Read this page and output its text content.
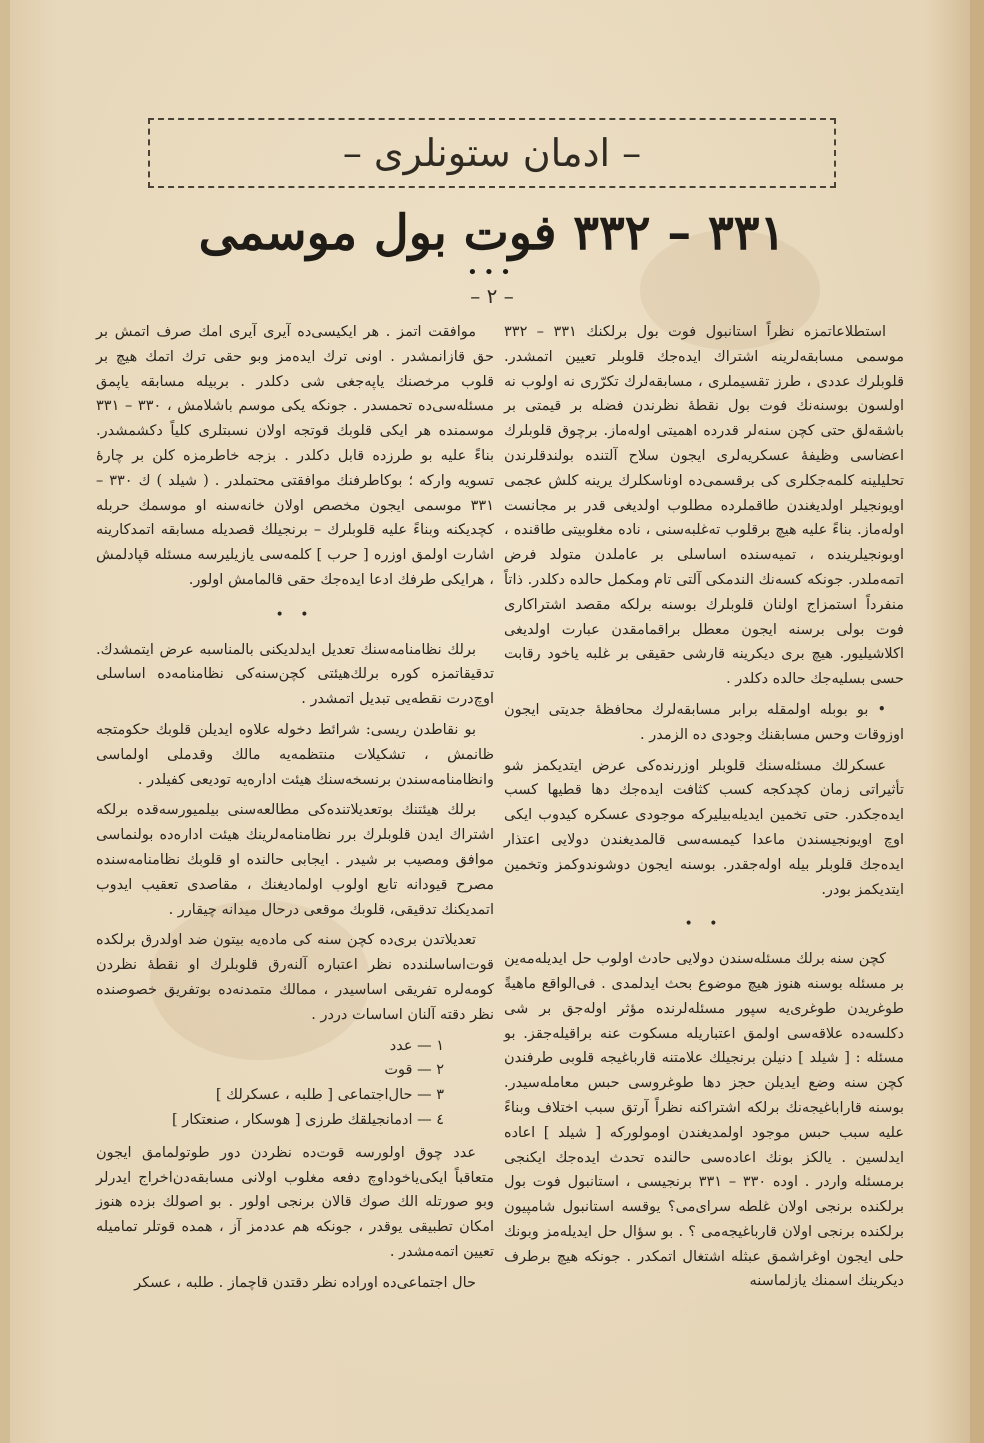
– ادمان ستونلری –
۳۳۱ – ۳۳۲ فوت بول موسمی
•••
– ۲ –

استطلاعاتمزه نظراً استانبول فوت بول برلکنك ۳۳۱ – ۳۳۲ موسمی مسابقه‌لرینه اشتراك ایده‌جك قلوبلر تعیین اتمشدر. قلوبلرك عددی ، طرز تقسیملری ، مسابقه‌لرك تكرّری نه اولوب نه اولسون بوسنه‌نك فوت بول نقطهٔ نظرندن فضله بر قیمتی بر باشقه‌لق حتی كچن سنه‌لر قدرده اهمیتی اوله‌ماز. برچوق قلوبلرك اعضاسی وظیفهٔ عسكریه‌لری ایجون سلاح آلتنده بولندقلرندن تحلیلینه كلمه‌جكلری كی برقسمی‌ده اوناسكلرك یرینه كلش عجمی اویونجیلر اولدیغندن طاقملرده مطلوب اولدیغی قدر بر مجانست اوله‌ماز. بناءً علیه هیچ برقلوب ته‌غلبه‌سنی ، ناده مغلوبیتی طاقنده ، اوبونجیلرینده ، تمیه‌سنده اساسلی بر عاملدن متولد فرض اتمه‌ملدر. جونكه كسه‌نك الندمكی آلتی تام ومكمل حالده دكلدر. ذاتاً منفرداً استمزاج اولنان قلوبلرك بوسنه برلكه مقصد اشتراكاری فوت بولی برسنه ایجون معطل براقمامقدن عبارت اولدیغی اكلاشیلیور. هیچ بری دیكرینه قارشی حقیقی بر غلبه یاخود رقابت حسی بسلیه‌جك حالده دكلدر .

• بو بوبله اولمقله برابر مسابقه‌لرك محافظهٔ جدیتی ایجون اوزوقات وحس مسابقنك وجودی ده الزمدر .

عسكرلك مسئله‌سنك قلوبلر اوزرنده‌كی عرض ایتدیكمز شو تأثیراتی زمان كچدكجه كسب كثافت ایده‌جك دها قطیها كسب ایده‌جكدر. حتی تخمین ایدیله‌بیلیركه موجودی عسكره كیدوب ایكی اوچ اویونجیسندن ماعدا كیمسه‌سی قالمدیغندن دولایی اعتذار ایده‌جك قلوبلر بیله اوله‌جقدر. بوسنه ایجون دوشوندوكمز وتخمین ایتدیكمز بودر.

• •

كچن سنه برلك مسئله‌سندن دولایی حادث اولوب حل ایدیله‌مه‌ین بر مسئله بوسنه هنوز هیچ موضوع بحث ایدلمدی . فی‌الواقع ماهیةً طوغریدن طوغری‌یه سپور مسئله‌لرنده مؤثر اوله‌جق بر شی دكلسه‌ده علاقه‌سی اولمق اعتباریله مسكوت عنه براقیله‌جقز. بو مسئله : [ شیلد ] دنیلن برنجیلك علامتنه قارباغیجه قلوبی طرفندن كچن سنه وضع ایدیلن حجز دها طوغروسی حبس معامله‌سیدر. بوسنه قاراباغیجه‌نك برلكه اشتراكنه نظراً آرتق سبب اختلاف وبناءً علیه سبب حبس موجود اولمدیغندن اومولوركه [ شیلد ] اعاده ایدلسین . یالكز بونك اعاده‌سی حالنده تحدث ایده‌جك ایكنجی برمسئله واردر . اوده ۳۳۰ – ۳۳۱ برنجیسی ، استانبول فوت بول برلكنده برنجی اولان غلطه سرای‌می؟ یوقسه استانبول شامپیون برلكنده برنجی اولان قارباغیجه‌می ؟ . بو سؤال حل ایدیله‌مز وبونك حلی ایجون اوغراشمق عبثله اشتغال اتمكدر . جونكه هیچ برطرف دیكرینك اسمنك یازلماسنه

موافقت اتمز . هر ایكیسی‌ده آیری آیری امك صرف اتمش بر حق قازانمشدر . اونی ترك ایده‌مز وبو حقی ترك اتمك هیچ بر قلوب مرخصنك یاپه‌جغی شی دكلدر . بربیله مسابقه یاپمق مسئله‌سی‌ده تحمسدر . جونكه یكی موسم باشلامش ، ۳۳۰ – ۳۳۱ موسمنده هر ایكی قلوبك قوتجه اولان نسبتلری كلیاً دكشمشدر. بناءً علیه بو طرزده قابل دكلدر . بزجه خاطرمزه كلن بر چارهٔ تسویه واركه ؛ بوكاطرفنك موافقتی محتملدر . ( شیلد ) ك ۳۳۰ – ۳۳۱ موسمی ایجون مخصص اولان خانه‌سنه او موسمك حربله كچدیكنه وبناءً علیه قلوبلرك – برنجیلك قصدیله مسابقه اتمدكارینه اشارت اولمق اوزره [ حرب ] كلمه‌سی یازیلیرسه مسئله قپادلمش ، هرایكی طرفك ادعا ایده‌جك حقی قالمامش اولور.

• •

برلك نظامنامه‌سنك تعدیل ایدلدیكنی بالمناسبه عرض ایتمشدك. تدقیقاتمزه كوره برلك‌هیئتی كچن‌سنه‌كی نظامنامه‌ده اساسلی اوچ‌درت نقطه‌یی تبدیل اتمشدر .

بو نقاطدن ریسی: شرائط دخوله علاوه ایدیلن قلوبك حكومتجه ظانمش ، تشكیلات منتظمه‌یه مالك وقدملی اولماسی وانظامنامه‌سندن برنسخه‌سنك هیئت اداره‌یه تودیعی كفیلدر .

برلك هیئتنك بوتعدیلاتنده‌كی مطالعه‌سنی بیلمیورسه‌قده برلكه اشتراك ایدن قلوبلرك برر نظامنامه‌لرینك هیئت اداره‌ده بولنماسی موافق ومصیب بر شیدر . ایجابی حالنده او قلوبك نظامنامه‌سنده مصرح قیودانه تابع اولوب اولمادیغنك ، مقاصدی تعقیب ایدوب اتمدیكنك تدقیقی، قلوبك موقعی درحال میدانه چیقارر .

تعدیلاتدن بری‌ده كچن سنه كی ماده‌یه بیتون ضد اولدرق برلكده قوت‌اساسلندده نظر اعتباره آلنه‌رق قلوبلرك او نقطهٔ نظردن كومه‌لره تفریقی اساسیدر ، ممالك متمدنه‌ده بوتفریق خصوصنده نظر دقته آلنان اساسات دردر .

١ — عدد
٢ — قوت
٣ — حال‌اجتماعی [ طلبه ، عسكرلك ]
٤ — ادمانجیلقك طرزی [ هوسكار ، صنعتكار ]

عدد چوق اولورسه قوت‌ده نظردن دور طوتولمامق ایجون متعاقباً ایكی‌یاخوداوچ دفعه مغلوب اولانی مسابقه‌دن‌اخراج ایدرلر وبو صورتله الك صوك قالان برنجی اولور . بو اصولك بزده هنوز امكان تطبیقی یوقدر ، جونكه هم عددمز آز ، همده قوتلر تمامیله تعیین اتمه‌مشدر .

حال اجتماعی‌ده اوراده نظر دقتدن قاچماز . طلبه ، عسكر
